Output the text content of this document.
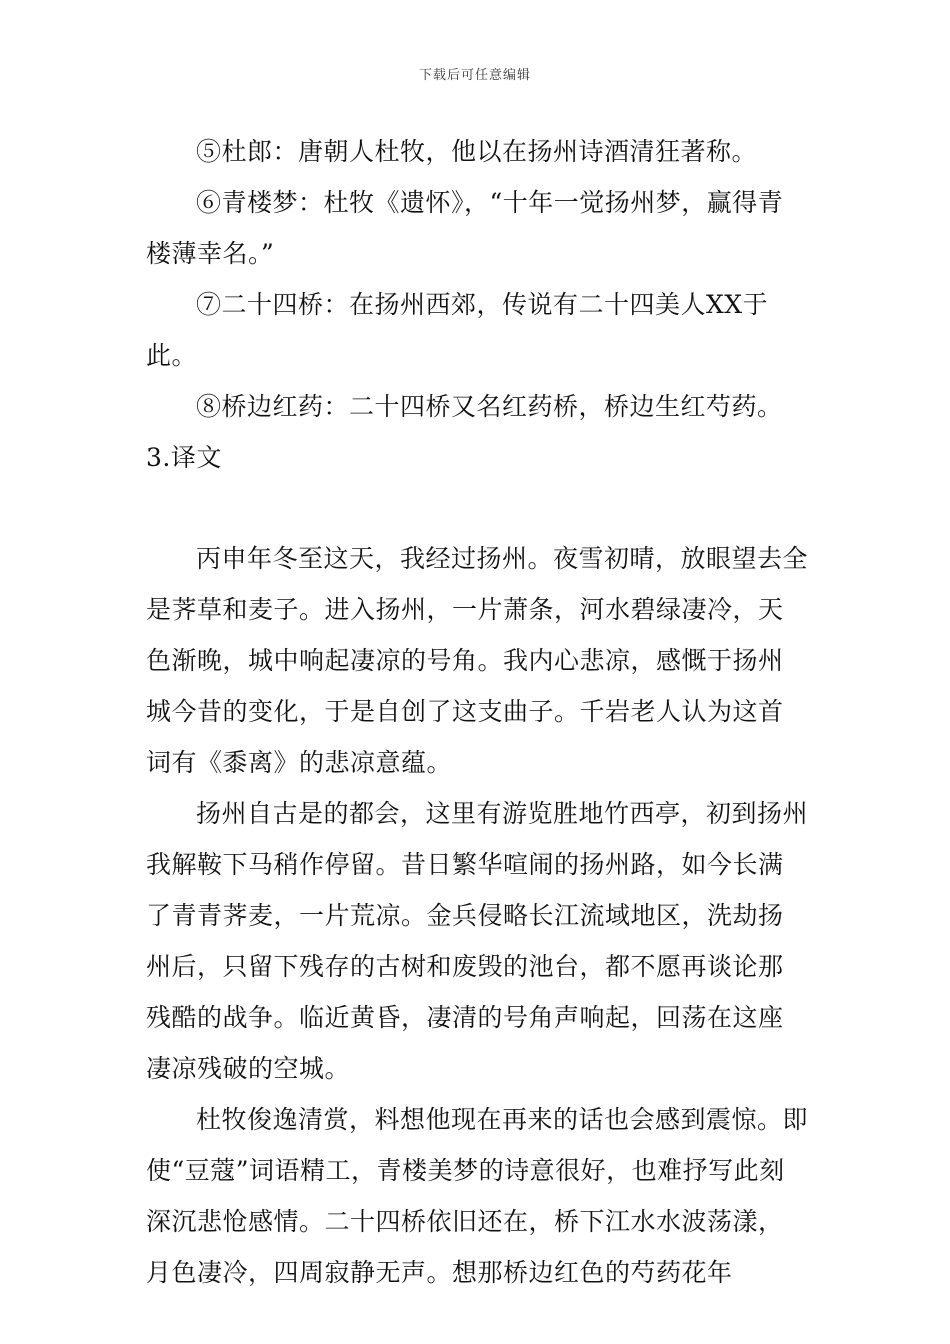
下载后可任意编辑

⑤杜郎：唐朝人杜牧，他以在扬州诗酒清狂著称。

⑥青楼梦：杜牧《遗怀》，“十年一觉扬州梦，赢得青楼薄幸名。”

⑦二十四桥：在扬州西郊，传说有二十四美人XX于此。

⑧桥边红药：二十四桥又名红药桥，桥边生红芍药。

3.译文

丙申年冬至这天，我经过扬州。夜雪初晴，放眼望去全是荠草和麦子。进入扬州，一片萧条，河水碧绿凄冷，天色渐晚，城中响起凄凉的号角。我内心悲凉，感慨于扬州城今昔的变化，于是自创了这支曲子。千岩老人认为这首词有《黍离》的悲凉意蕴。

扬州自古是的都会，这里有游览胜地竹西亭，初到扬州我解鞍下马稍作停留。昔日繁华喧闹的扬州路，如今长满了青青荠麦，一片荒凉。金兵侵略长江流域地区，洗劫扬州后，只留下残存的古树和废毁的池台，都不愿再谈论那残酷的战争。临近黄昏，凄清的号角声响起，回荡在这座凄凉残破的空城。

杜牧俊逸清赏，料想他现在再来的话也会感到震惊。即使“豆蔻”词语精工，青楼美梦的诗意很好，也难抒写此刻深沉悲怆感情。二十四桥依旧还在，桥下江水水波荡漾，月色凄冷，四周寂静无声。想那桥边红色的芍药花年
